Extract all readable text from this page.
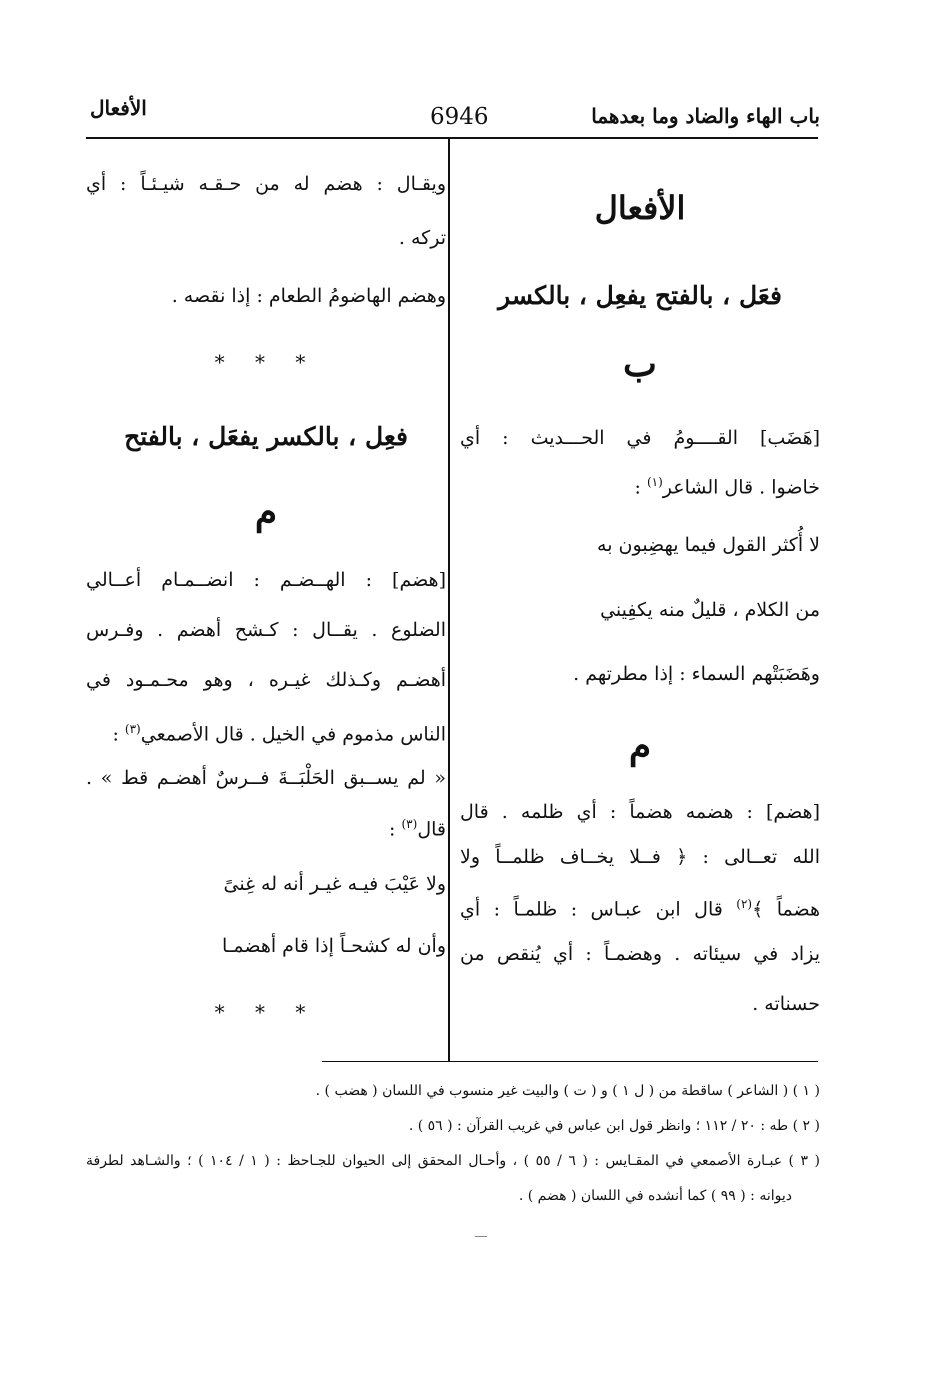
باب الهاء والضاد وما بعدهما
6946
الأفعال
الأفعال
فعَل ، بالفتح يفعِل ، بالكسر
ب
[هَضَب] القــــومُ في الحـــديث : أي
خاضوا . قال الشاعر$^{(١)}$ :
لا أُكثر القول فيما يهضِبون به
من الكلام ، قليلٌ منه يكفِيني
وهَضَبَتْهم السماء : إذا مطرتهم .
م
[هضم] : هضمه هضماً : أي ظلمه . قال
الله تعــالى : ﴿ فــلا يخــاف ظلمــاً ولا
هضماً ﴾$^{(٢)}$ قال ابن عبـاس : ظلمـاً : أي
يزاد في سيئاته . وهضمـاً : أي يُنقص من
حسناته .
ويقـال : هضم له من حـقـه شيـئـاً : أي
تركه .
وهضم الهاضومُ الطعام : إذا نقصه .
* * *
فعِل ، بالكسر يفعَل ، بالفتح
م
[هضم] : الهــضـم : انضــمـام أعــالي
الضلوع . يقــال : كـشح أهضم . وفـرس
أهضـم وكـذلك غيـره ، وهو محـمـود في
الناس مذموم في الخيل . قال الأصمعي$^{(٣)}$ :
« لم يســبق الحَلْبَــةَ فــرسٌ أهضـم قط » .
قال$^{(٣)}$ :
ولا عَيْبَ فيـه غيـر أنه له غِنىً
وأن له كشحـاً إذا قام أهضمـا
* * *
( ١ ) ( الشاعر ) ساقطة من ( ل ١ ) و ( ت ) والبيت غير منسوب في اللسان ( هضب ) .
( ٢ ) طه : ٢٠ / ١١٢ ؛ وانظر قول ابن عباس في غريب القرآن : ( ٥٦ ) .
( ٣ ) عبـارة الأصمعي في المقـايس : ( ٦ / ٥٥ ) ، وأحـال المحقق إلى الحيوان للجـاحظ : ( ١ / ١٠٤ ) ؛ والشـاهد لطرفة
ديوانه : ( ٩٩ ) كما أنشده في اللسان ( هضم ) .
